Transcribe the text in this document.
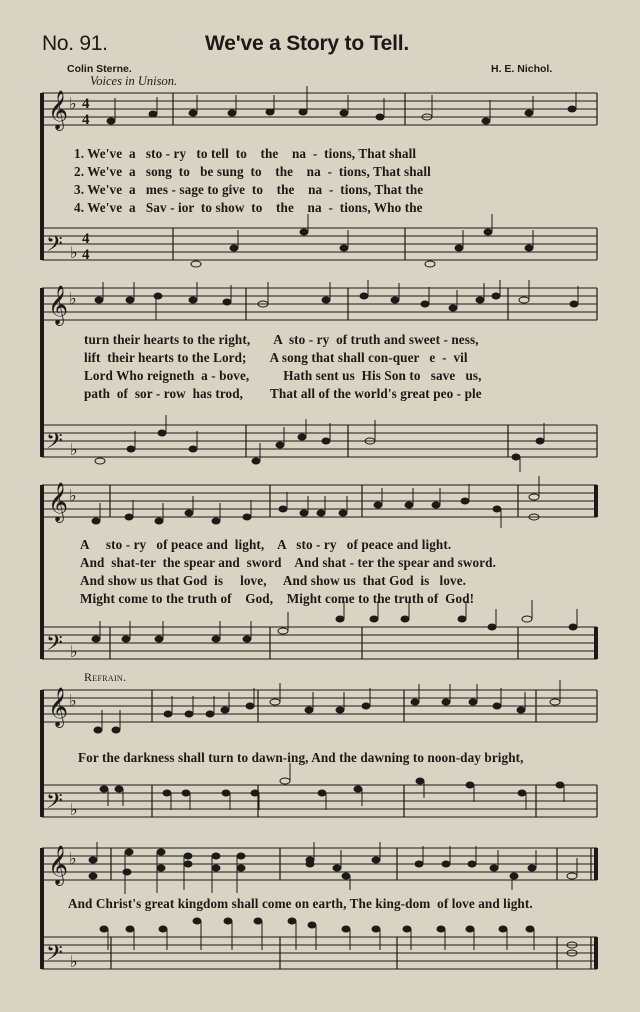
No. 91.	We've a Story to Tell.
Colin Sterne.	H. E. Nichol.
Voices in Unison.
Refrain.
𝄞 ♭ 4
4
𝄢 ♭
4
4
𝄞 ♭
𝄢 ♭
𝄞 ♭
𝄢 ♭
𝄞 ♭
𝄢 ♭
𝄞 ♭
𝄢 ♭
1. We've  a   sto - ry   to tell  to    the    na  -  tions, That shall
2. We've  a   song  to   be sung  to    the    na  -  tions, That shall
3. We've  a   mes - sage to give  to    the    na  -  tions, That the
4. We've  a   Sav - ior  to show  to    the    na  -  tions, Who the
turn their hearts to the right,       A  sto - ry  of truth and sweet - ness,
lift  their hearts to the Lord;       A song that shall con-quer   e  -  vil
Lord Who reigneth  a - bove,          Hath sent us  His Son to   save   us,
path  of  sor - row  has trod,        That all of the world's great peo - ple
A     sto - ry   of peace and  light,    A   sto - ry   of peace and light.
And  shat-ter  the spear and  sword    And shat - ter the spear and sword.
And show us that God  is     love,     And show us  that God  is   love.
Might come to the truth of    God,    Might come to the truth of  God!
For the darkness shall turn to dawn-ing, And the dawning to noon-day bright,
And Christ's great kingdom shall come on earth, The king-dom  of love and light.
